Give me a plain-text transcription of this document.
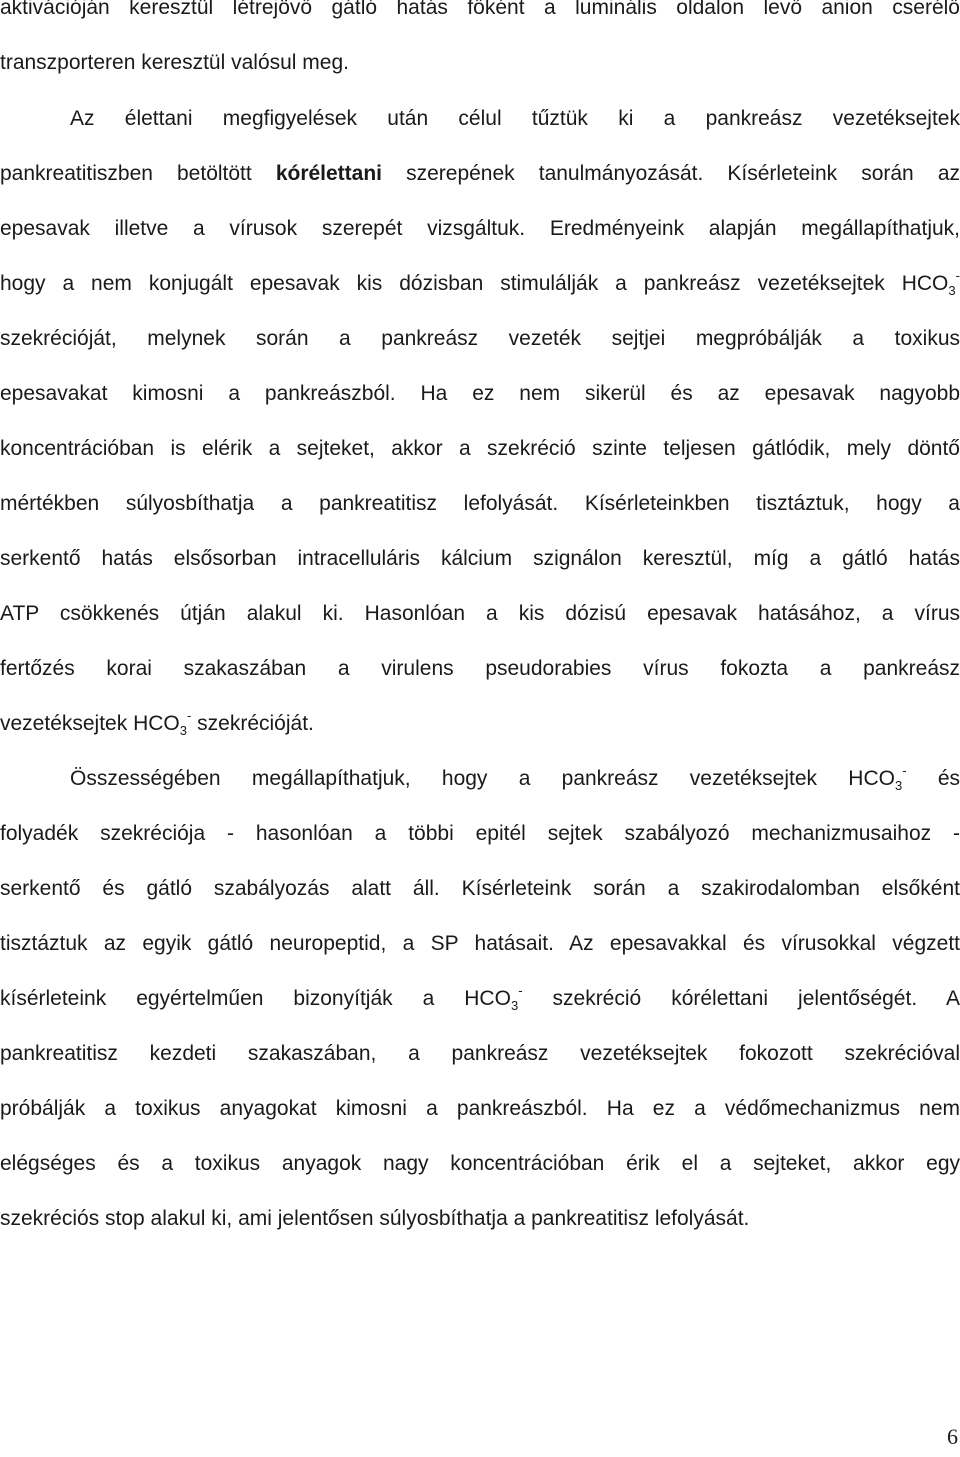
aktivációján keresztül létrejövő gátló hatás főként a luminális oldalon levő anion cserélő

transzporteren keresztül valósul meg.

Az élettani megfigyelések után célul tűztük ki a pankreász vezetéksejtek

pankreatitiszben betöltött kórélettani szerepének tanulmányozását. Kísérleteink során az

epesavak illetve a vírusok szerepét vizsgáltuk. Eredményeink alapján megállapíthatjuk,

hogy a nem konjugált epesavak kis dózisban stimulálják a pankreász vezetéksejtek $HCO_3^-$

szekrécióját, melynek során a pankreász vezeték sejtjei megpróbálják a toxikus

epesavakat kimosni a pankreászból. Ha ez nem sikerül és az epesavak nagyobb

koncentrációban is elérik a sejteket, akkor a szekréció szinte teljesen gátlódik, mely döntő

mértékben súlyosbíthatja a pankreatitisz lefolyását. Kísérleteinkben tisztáztuk, hogy a

serkentő hatás elsősorban intracelluláris kálcium szignálon keresztül, míg a gátló hatás

ATP csökkenés útján alakul ki. Hasonlóan a kis dózisú epesavak hatásához, a vírus

fertőzés korai szakaszában a virulens pseudorabies vírus fokozta a pankreász

vezetéksejtek $HCO_3^-$ szekrécióját.

Összességében megállapíthatjuk, hogy a pankreász vezetéksejtek $HCO_3^-$ és

folyadék szekréciója - hasonlóan a többi epitél sejtek szabályozó mechanizmusaihoz -

serkentő és gátló szabályozás alatt áll. Kísérleteink során a szakirodalomban elsőként

tisztáztuk az egyik gátló neuropeptid, a SP hatásait. Az epesavakkal és vírusokkal végzett

kísérleteink egyértelműen bizonyítják a $HCO_3^-$ szekréció kórélettani jelentőségét. A

pankreatitisz kezdeti szakaszában, a pankreász vezetéksejtek fokozott szekrécióval

próbálják a toxikus anyagokat kimosni a pankreászból. Ha ez a védőmechanizmus nem

elégséges és a toxikus anyagok nagy koncentrációban érik el a sejteket, akkor egy

szekréciós stop alakul ki, ami jelentősen súlyosbíthatja a pankreatitisz lefolyását.

6
